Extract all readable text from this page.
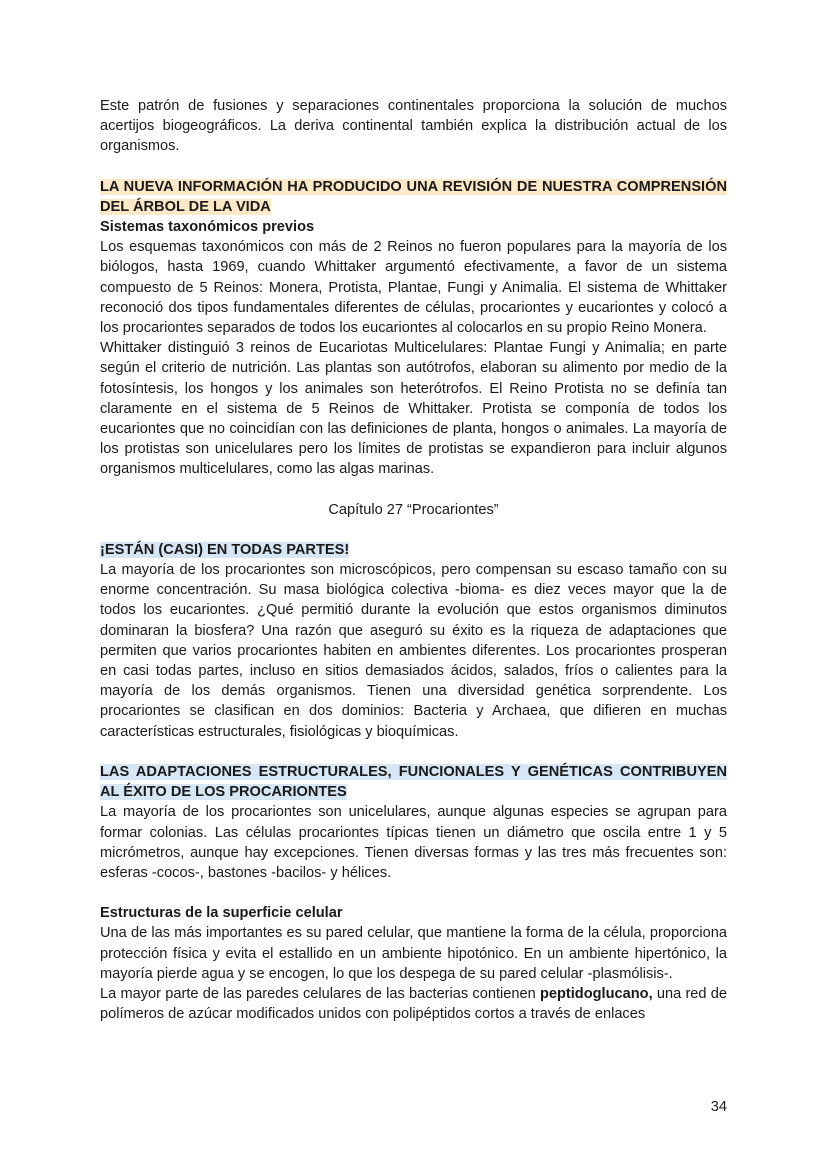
Este patrón de fusiones y separaciones continentales proporciona la solución de muchos acertijos biogeográficos. La deriva continental también explica la distribución actual de los organismos.

LA NUEVA INFORMACIÓN HA PRODUCIDO UNA REVISIÓN DE NUESTRA COMPRENSIÓN DEL ÁRBOL DE LA VIDA

Sistemas taxonómicos previos

Los esquemas taxonómicos con más de 2 Reinos no fueron populares para la mayoría de los biólogos, hasta 1969, cuando Whittaker argumentó efectivamente, a favor de un sistema compuesto de 5 Reinos: Monera, Protista, Plantae, Fungi y Animalia. El sistema de Whittaker reconoció dos tipos fundamentales diferentes de células, procariontes y eucariontes y colocó a los procariontes separados de todos los eucariontes al colocarlos en su propio Reino Monera.

Whittaker distinguió 3 reinos de Eucariotas Multicelulares: Plantae Fungi y Animalia; en parte según el criterio de nutrición. Las plantas son autótrofos, elaboran su alimento por medio de la fotosíntesis, los hongos y los animales son heterótrofos. El Reino Protista no se definía tan claramente en el sistema de 5 Reinos de Whittaker. Protista se componía de todos los eucariontes que no coincidían con las definiciones de planta, hongos o animales. La mayoría de los protistas son unicelulares pero los límites de protistas se expandieron para incluir algunos organismos multicelulares, como las algas marinas.

Capítulo 27 “Procariontes”

¡ESTÁN (CASI) EN TODAS PARTES!

La mayoría de los procariontes son microscópicos, pero compensan su escaso tamaño con su enorme concentración. Su masa biológica colectiva -bioma- es diez veces mayor que la de todos los eucariontes. ¿Qué permitió durante la evolución que estos organismos diminutos dominaran la biosfera? Una razón que aseguró su éxito es la riqueza de adaptaciones que permiten que varios procariontes habiten en ambientes diferentes. Los procariontes prosperan en casi todas partes, incluso en sitios demasiados ácidos, salados, fríos o calientes para la mayoría de los demás organismos. Tienen una diversidad genética sorprendente. Los procariontes se clasifican en dos dominios: Bacteria y Archaea, que difieren en muchas características estructurales, fisiológicas y bioquímicas.

LAS ADAPTACIONES ESTRUCTURALES, FUNCIONALES Y GENÉTICAS CONTRIBUYEN AL ÉXITO DE LOS PROCARIONTES

La mayoría de los procariontes son unicelulares, aunque algunas especies se agrupan para formar colonias. Las células procariontes típicas tienen un diámetro que oscila entre 1 y 5 micrómetros, aunque hay excepciones. Tienen diversas formas y las tres más frecuentes son: esferas -cocos-, bastones -bacilos- y hélices.

Estructuras de la superficie celular

Una de las más importantes es su pared celular, que mantiene la forma de la célula, proporciona protección física y evita el estallido en un ambiente hipotónico. En un ambiente hipertónico, la mayoría pierde agua y se encogen, lo que los despega de su pared celular -plasmólisis-.

La mayor parte de las paredes celulares de las bacterias contienen peptidoglucano, una red de polímeros de azúcar modificados unidos con polipéptidos cortos a través de enlaces

34
